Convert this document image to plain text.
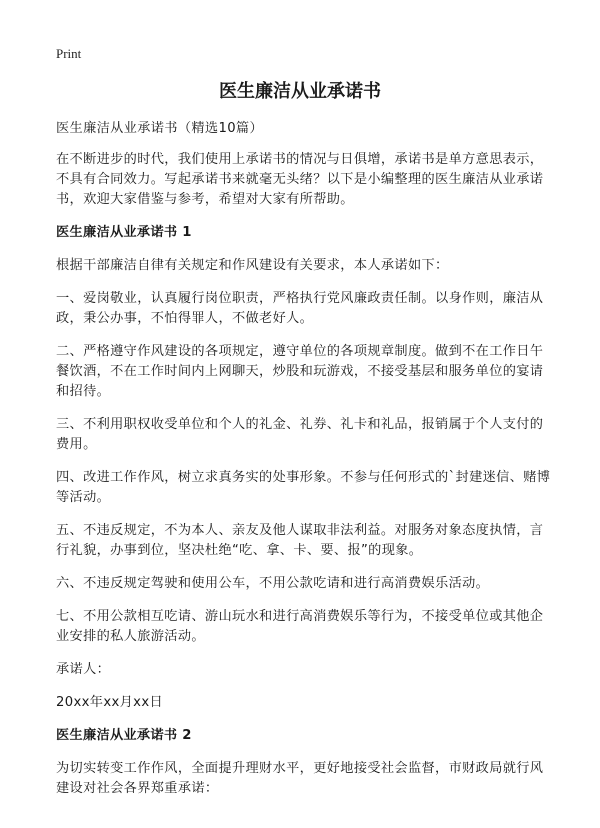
Print
医生廉洁从业承诺书

医生廉洁从业承诺书（精选10篇）

在不断进步的时代，我们使用上承诺书的情况与日俱增，承诺书是单方意思表示，不具有合同效力。写起承诺书来就毫无头绪？以下是小编整理的医生廉洁从业承诺书，欢迎大家借鉴与参考，希望对大家有所帮助。

医生廉洁从业承诺书 1

根据干部廉洁自律有关规定和作风建设有关要求，本人承诺如下：

一、爱岗敬业，认真履行岗位职责，严格执行党风廉政责任制。以身作则，廉洁从政，秉公办事，不怕得罪人，不做老好人。

二、严格遵守作风建设的各项规定，遵守单位的各项规章制度。做到不在工作日午餐饮酒，不在工作时间内上网聊天，炒股和玩游戏，不接受基层和服务单位的宴请和招待。

三、不利用职权收受单位和个人的礼金、礼券、礼卡和礼品，报销属于个人支付的费用。

四、改进工作作风，树立求真务实的处事形象。不参与任何形式的`封建迷信、赌博等活动。

五、不违反规定，不为本人、亲友及他人谋取非法利益。对服务对象态度执情，言行礼貌，办事到位，坚决杜绝“吃、拿、卡、要、报”的现象。

六、不违反规定驾驶和使用公车，不用公款吃请和进行高消费娱乐活动。

七、不用公款相互吃请、游山玩水和进行高消费娱乐等行为，不接受单位或其他企业安排的私人旅游活动。

承诺人：

20xx年xx月xx日

医生廉洁从业承诺书 2

为切实转变工作作风，全面提升理财水平，更好地接受社会监督，市财政局就行风建设对社会各界郑重承诺：
